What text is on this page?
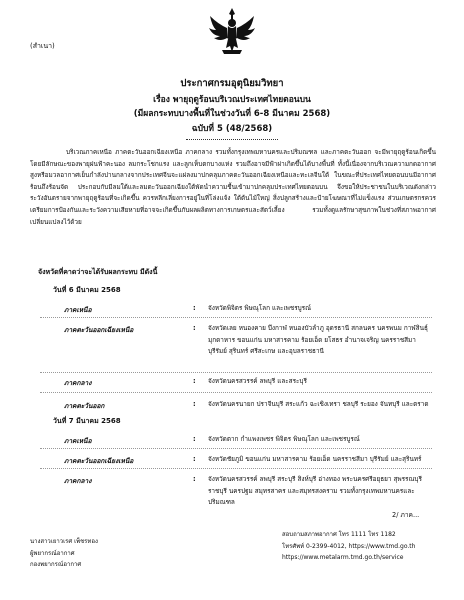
(สำเนา)
ประกาศกรมอุตุนิยมวิทยา
เรื่อง พายุฤดูร้อนบริเวณประเทศไทยตอนบน
(มีผลกระทบบางพื้นที่ในช่วงวันที่ 6-8 มีนาคม 2568)
ฉบับที่ 5 (48/2568)
บริเวณภาคเหนือ ภาคตะวันออกเฉียงเหนือ ภาคกลาง รวมทั้งกรุงเทพมหานครและปริมณฑล และภาคตะวันออก จะมีพายุฤดูร้อนเกิดขึ้น โดยมีลักษณะของพายุฝนฟ้าคะนอง ลมกระโชกแรง และลูกเห็บตกบางแห่ง รวมถึงอาจมีฟ้าผ่าเกิดขึ้นได้บางพื้นที่ ทั้งนี้เนื่องจากบริเวณความกดอากาศสูงหรือมวลอากาศเย็นกำลังปานกลางจากประเทศจีนจะแผ่ลงมาปกคลุมภาคตะวันออกเฉียงเหนือและทะเลจีนใต้ ในขณะที่ประเทศไทยตอนบนมีอากาศร้อนถึงร้อนจัด ประกอบกับมีลมใต้และลมตะวันออกเฉียงใต้พัดนำความชื้นเข้ามาปกคลุมประเทศไทยตอนบน จึงขอให้ประชาชนในบริเวณดังกล่าว ระวังอันตรายจากพายุฤดูร้อนที่จะเกิดขึ้น ควรหลีกเลี่ยงการอยู่ในที่โล่งแจ้ง ใต้ต้นไม้ใหญ่ สิ่งปลูกสร้างและป้ายโฆษณาที่ไม่แข็งแรง ส่วนเกษตรกรควรเตรียมการป้องกันและระวังความเสียหายที่อาจจะเกิดขึ้นกับผลผลิตทางการเกษตรและสัตว์เลี้ยง รวมทั้งดูแลรักษาสุขภาพในช่วงที่สภาพอากาศเปลี่ยนแปลงไว้ด้วย
จังหวัดที่คาดว่าจะได้รับผลกระทบ มีดังนี้
วันที่ 6 มีนาคม 2568
ภาคเหนือ	: จังหวัดพิจิตร พิษณุโลก และเพชรบูรณ์
ภาคตะวันออกเฉียงเหนือ	: จังหวัดเลย หนองคาย บึงกาฬ หนองบัวลำภู อุดรธานี สกลนคร นครพนม กาฬสินธุ์ มุกดาหาร ขอนแก่น มหาสารคาม ร้อยเอ็ด ยโสธร อำนาจเจริญ นครราชสีมา บุรีรัมย์ สุรินทร์ ศรีสะเกษ และอุบลราชธานี
ภาคกลาง	: จังหวัดนครสวรรค์ ลพบุรี และสระบุรี
ภาคตะวันออก	: จังหวัดนครนายก ปราจีนบุรี สระแก้ว ฉะเชิงเทรา ชลบุรี ระยอง จันทบุรี และตราด
วันที่ 7 มีนาคม 2568
ภาคเหนือ	: จังหวัดตาก กำแพงเพชร พิจิตร พิษณุโลก และเพชรบูรณ์
ภาคตะวันออกเฉียงเหนือ	: จังหวัดชัยภูมิ ขอนแก่น มหาสารคาม ร้อยเอ็ด นครราชสีมา บุรีรัมย์ และสุรินทร์
ภาคกลาง	: จังหวัดนครสวรรค์ ลพบุรี สระบุรี สิงห์บุรี อ่างทอง พระนครศรีอยุธยา สุพรรณบุรี ราชบุรี นครปฐม สมุทรสาคร และสมุทรสงคราม รวมทั้งกรุงเทพมหานครและปริมณฑล
2/ ภาค...
นางสาวเยาวเรศ เพ็ชรทอง
ผู้พยากรณ์อากาศ
กองพยากรณ์อากาศ
สอบถามสภาพอากาศ โทร 1111 โทร 1182
โทรศัพท์ 0-2399-4012, https://www.tmd.go.th
https://www.metalarm.tmd.go.th/service
